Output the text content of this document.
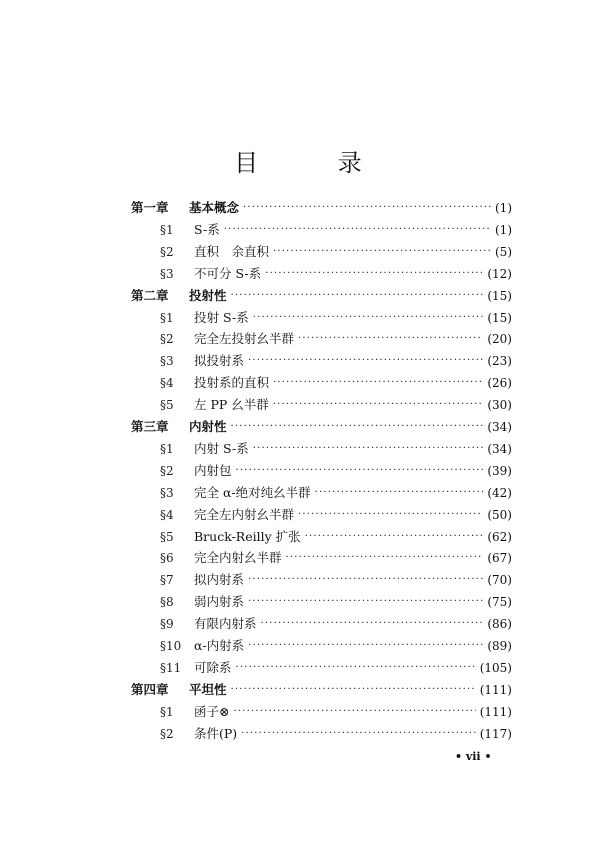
目 录
第一章	基本概念 ·····	(1)
§1	S-系 ·····	(1)
§2	直积　余直积 ·····	(5)
§3	不可分 S-系 ·····	(12)
第二章	投射性 ·····	(15)
§1	投射 S-系 ·····	(15)
§2	完全左投射幺半群 ·····	(20)
§3	拟投射系 ·····	(23)
§4	投射系的直积 ·····	(26)
§5	左 PP 幺半群 ·····	(30)
第三章	内射性 ·····	(34)
§1	内射 S-系 ·····	(34)
§2	内射包 ·····	(39)
§3	完全 α-绝对纯幺半群 ·····	(42)
§4	完全左内射幺半群 ·····	(50)
§5	Bruck-Reilly 扩张 ·····	(62)
§6	完全内射幺半群 ·····	(67)
§7	拟内射系 ·····	(70)
§8	弱内射系 ·····	(75)
§9	有限内射系 ·····	(86)
§10	α-内射系 ·····	(89)
§11	可除系 ·····	(105)
第四章	平坦性 ·····	(111)
§1	函子⊗ ·····	(111)
§2	条件(P) ·····	(117)
• vii •
